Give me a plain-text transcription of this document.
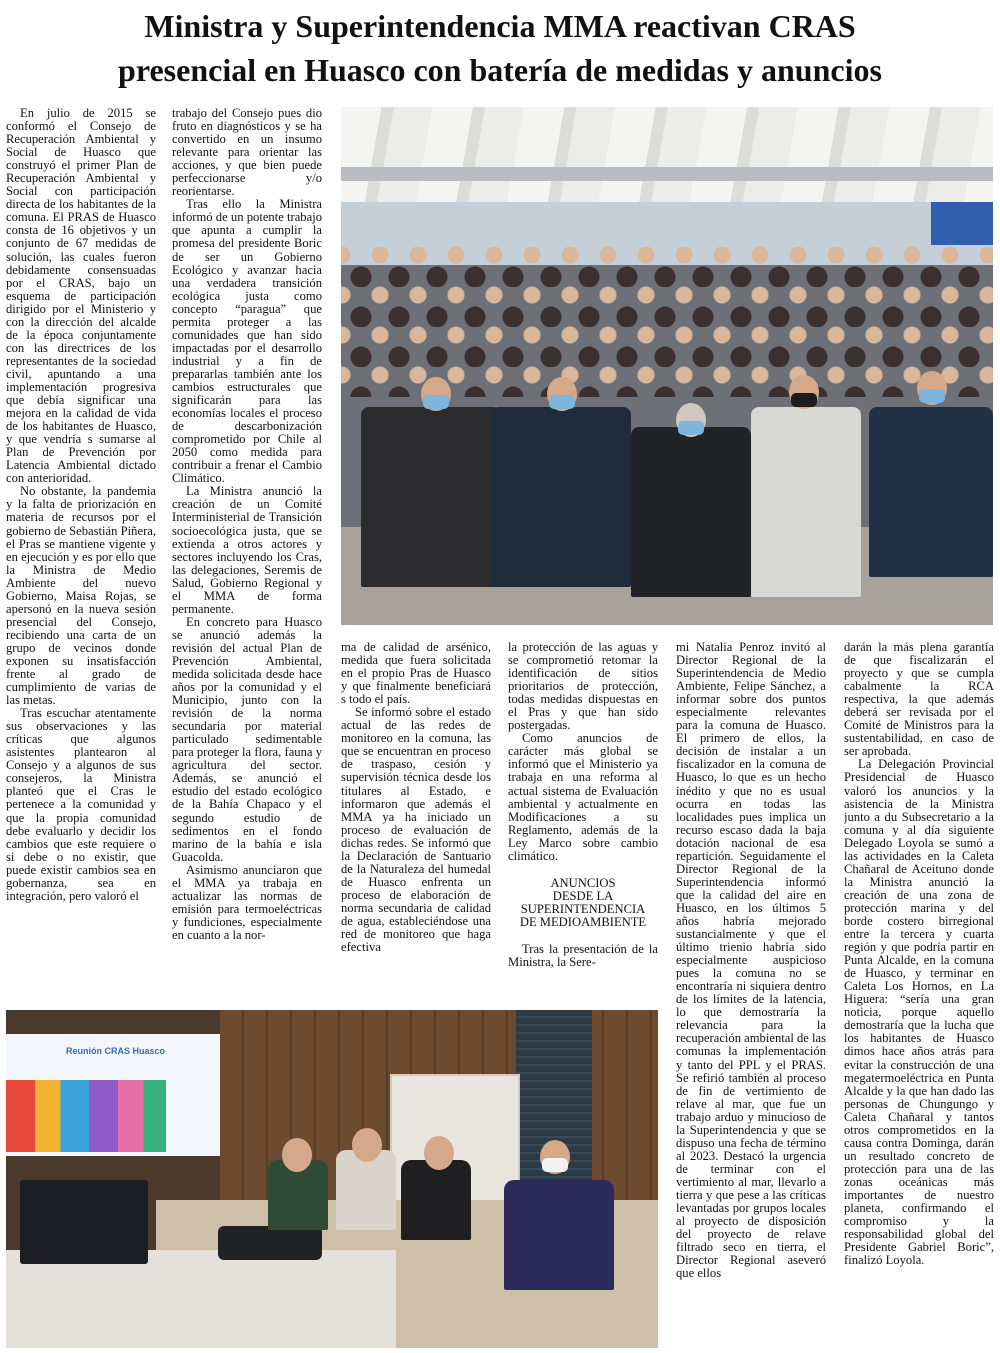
Ministra y Superintendencia MMA reactivan CRAS
presencial en Huasco con batería de medidas y anuncios

En julio de 2015 se conformó el Consejo de Recuperación Ambiental y Social de Huasco que construyó el primer Plan de Recuperación Ambiental y Social con participación directa de los habitantes de la comuna. El PRAS de Huasco consta de 16 objetivos y un conjunto de 67 medidas de solución, las cuales fueron debidamente consensuadas por el CRAS, bajo un esquema de participación dirigido por el Ministerio y con la dirección del alcalde de la época conjuntamente con las directrices de los representantes de la sociedad civil, apuntando a una implementación progresiva que debía significar una mejora en la calidad de vida de los habitantes de Huasco, y que vendría s sumarse al Plan de Prevención por Latencia Ambiental dictado con anterioridad.

No obstante, la pandemia y la falta de priorización en materia de recursos por el gobierno de Sebastián Piñera, el Pras se mantiene vigente y en ejecución y es por ello que la Ministra de Medio Ambiente del nuevo Gobierno, Maisa Rojas, se apersonó en la nueva sesión presencial del Consejo, recibiendo una carta de un grupo de vecinos donde exponen su insatisfacción frente al grado de cumplimiento de varias de las metas.

Tras escuchar atentamente sus observaciones y las críticas que algunos asistentes plantearon al Consejo y a algunos de sus consejeros, la Ministra planteó que el Cras le pertenece a la comunidad y que la propia comunidad debe evaluarlo y decidir los cambios que este requiere o si debe o no existir, que puede existir cambios sea en gobernanza, sea en integración, pero valoró el

trabajo del Consejo pues dio fruto en diagnósticos y se ha convertido en un insumo relevante para orientar las acciones, y que bien puede perfeccionarse y/o reorientarse.

Tras ello la Ministra informó de un potente trabajo que apunta a cumplir la promesa del presidente Boric de ser un Gobierno Ecológico y avanzar hacia una verdadera transición ecológica justa como concepto “paragua” que permita proteger a las comunidades que han sido impactadas por el desarrollo industrial y a fin de prepararlas también ante los cambios estructurales que significarán para las economías locales el proceso de descarbonización comprometido por Chile al 2050 como medida para contribuir a frenar el Cambio Climático.

La Ministra anunció la creación de un Comité Interministerial de Transición socioecológica justa, que se extienda a otros actores y sectores incluyendo los Cras, las delegaciones, Seremis de Salud, Gobierno Regional y el MMA de forma permanente.

En concreto para Huasco se anunció además la revisión del actual Plan de Prevención Ambiental, medida solicitada desde hace años por la comunidad y el Municipio, junto con la revisión de la norma secundaria por material particulado sedimentable para proteger la flora, fauna y agricultura del sector. Además, se anunció el estudio del estado ecológico de la Bahía Chapaco y el segundo estudio de sedimentos en el fondo marino de la bahía e isla Guacolda.

Asimismo anunciaron que el MMA ya trabaja en actualizar las normas de emisión para termoeléctricas y fundiciones, especialmente en cuanto a la nor-

ma de calidad de arsénico, medida que fuera solicitada en el propio Pras de Huasco y que finalmente beneficiará s todo el país.

Se informó sobre el estado actual de las redes de monitoreo en la comuna, las que se encuentran en proceso de traspaso, cesión y supervisión técnica desde los titulares al Estado, e informaron que además el MMA ya ha iniciado un proceso de evaluación de dichas redes. Se informó que la Declaración de Santuario de la Naturaleza del humedal de Huasco enfrenta un proceso de elaboración de norma secundaria de calidad de agua, estableciéndose una red de monitoreo que haga efectiva

la protección de las aguas y se comprometió retomar la identificación de sitios prioritarios de protección, todas medidas dispuestas en el Pras y que han sido postergadas.

Como anuncios de carácter más global se informó que el Ministerio ya trabaja en una reforma al actual sistema de Evaluación ambiental y actualmente en Modificaciones a su Reglamento, además de la Ley Marco sobre cambio climático.

ANUNCIOS
DESDE LA
SUPERINTENDENCIA
DE MEDIOAMBIENTE

Tras la presentación de la Ministra, la Sere-

mi Natalia Penroz invitó al Director Regional de la Superintendencia de Medio Ambiente, Felipe Sánchez, a informar sobre dos puntos especialmente relevantes para la comuna de Huasco. El primero de ellos, la decisión de instalar a un fiscalizador en la comuna de Huasco, lo que es un hecho inédito y que no es usual ocurra en todas las localidades pues implica un recurso escaso dada la baja dotación nacional de esa repartición. Seguidamente el Director Regional de la Superintendencia informó que la calidad del aire en Huasco, en los últimos 5 años habría mejorado sustancialmente y que el último trienio habría sido especialmente auspicioso pues la comuna no se encontraría ni siquiera dentro de los límites de la latencia, lo que demostraría la relevancia para la recuperación ambiental de las comunas la implementación y tanto del PPL y el PRAS. Se refirió también al proceso de fin de vertimiento de relave al mar, que fue un trabajo arduo y minucioso de la Superintendencia y que se dispuso una fecha de término al 2023. Destacó la urgencia de terminar con el vertimiento al mar, llevarlo a tierra y que pese a las críticas levantadas por grupos locales al proyecto de disposición del proyecto de relave filtrado seco en tierra, el Director Regional aseveró que ellos

darán la más plena garantía de que fiscalizarán el proyecto y que se cumpla cabalmente la RCA respectiva, la que además deberá ser revisada por el Comité de Ministros para la sustentabilidad, en caso de ser aprobada.

La Delegación Provincial Presidencial de Huasco valoró los anuncios y la asistencia de la Ministra junto a du Subsecretario a la comuna y al día siguiente Delegado Loyola se sumó a las actividades en la Caleta Chañaral de Aceituno donde la Ministra anunció la creación de una zona de protección marina y del borde costero birregional entre la tercera y cuarta región y que podría partir en Punta Alcalde, en la comuna de Huasco, y terminar en Caleta Los Hornos, en La Higuera: “sería una gran noticia, porque aquello demostraría que la lucha que los habitantes de Huasco dimos hace años atrás para evitar la construcción de una megatermoeléctrica en Punta Alcalde y la que han dado las personas de Chungungo y Caleta Chañaral y tantos otros comprometidos en la causa contra Dominga, darán un resultado concreto de protección para una de las zonas oceánicas más importantes de nuestro planeta, confirmando el compromiso y la responsabilidad global del Presidente Gabriel Boric”, finalizó Loyola.

Reunión CRAS Huasco
